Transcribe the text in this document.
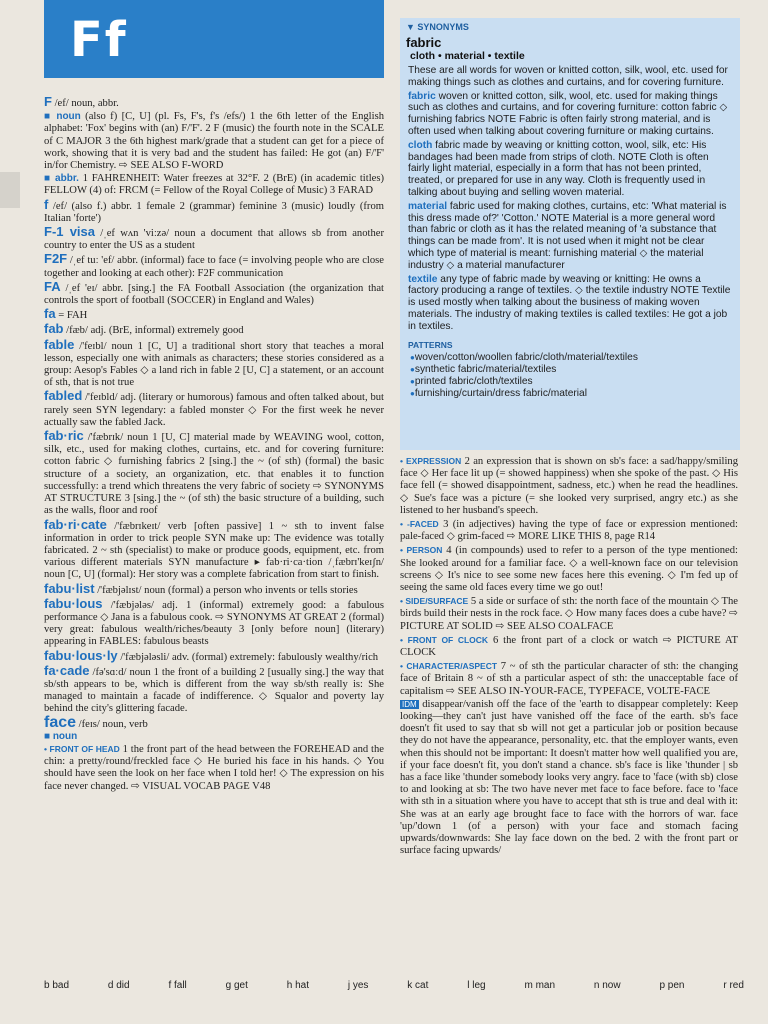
Ff
F /ef/ noun, abbr.
■ noun (also f) [C, U] (pl. Fs, F's, f's /efs/) 1 the 6th letter of the English alphabet: 'Fox' begins with (an) F/'F'. 2 F (music) the fourth note in the SCALE of C MAJOR 3 the 6th highest mark/grade that a student can get for a piece of work, showing that it is very bad and the student has failed: He got (an) F/'F' in/for Chemistry. ⇨ SEE ALSO F-WORD
■ abbr. 1 FAHRENHEIT: Water freezes at 32°F. 2 (BrE) (in academic titles) FELLOW (4) of: FRCM (= Fellow of the Royal College of Music) 3 FARAD
f /ef/ (also f.) abbr. 1 female 2 (grammar) feminine 3 (music) loudly (from Italian 'forte')
F-1 visa /ˌef wʌn 'viːzə/ noun a document that allows sb from another country to enter the US as a student
F2F /ˌef tuː 'ef/ abbr. (informal) face to face (= involving people who are close together and looking at each other): F2F communication
FA /ˌef 'eɪ/ abbr. [sing.] the FA Football Association (the organization that controls the sport of football (SOCCER) in England and Wales)
fa = FAH
fab /fæb/ adj. (BrE, informal) extremely good
fable /'feɪbl/ noun 1 [C, U] a traditional short story that teaches a moral lesson, especially one with animals as characters; these stories considered as a group: Aesop's Fables ◇ a land rich in fable 2 [U, C] a statement, or an account of sth, that is not true
fabled /'feɪbld/ adj. (literary or humorous) famous and often talked about, but rarely seen SYN legendary: a fabled monster ◇ For the first week he never actually saw the fabled Jack.
fab·ric /'fæbrɪk/ noun 1 [U, C] material made by WEAVING wool, cotton, silk, etc., used for making clothes, curtains, etc. and for covering furniture: cotton fabric ◇ furnishing fabrics 2 [sing.] the ~ (of sth) (formal) the basic structure of a society, an organization, etc. that enables it to function successfully: a trend which threatens the very fabric of society ⇨ SYNONYMS AT STRUCTURE 3 [sing.] the ~ (of sth) the basic structure of a building, such as the walls, floor and roof
fab·ri·cate /'fæbrɪkeɪt/ verb [often passive] 1 ~ sth to invent false information in order to trick people SYN make up: The evidence was totally fabricated. 2 ~ sth (specialist) to make or produce goods, equipment, etc. from various different materials SYN manufacture ▸ fab·ri·ca·tion /ˌfæbrɪ'keɪʃn/ noun [C, U] (formal): Her story was a complete fabrication from start to finish.
fabu·list /'fæbjəlɪst/ noun (formal) a person who invents or tells stories
fabu·lous /'fæbjələs/ adj. 1 (informal) extremely good: a fabulous performance ◇ Jana is a fabulous cook. ⇨ SYNONYMS AT GREAT 2 (formal) very great: fabulous wealth/riches/beauty 3 [only before noun] (literary) appearing in FABLES: fabulous beasts
fabu·lous·ly /'fæbjələsli/ adv. (formal) extremely: fabulously wealthy/rich
fa·cade /fə'sɑːd/ noun 1 the front of a building 2 [usually sing.] the way that sb/sth appears to be, which is different from the way sb/sth really is: She managed to maintain a facade of indifference. ◇ Squalor and poverty lay behind the city's glittering facade.
face /feɪs/ noun, verb
■ noun
• FRONT OF HEAD 1 the front part of the head between the FOREHEAD and the chin: a pretty/round/freckled face ◇ He buried his face in his hands. ◇ You should have seen the look on her face when I told her! ◇ The expression on his face never changed. ⇨ VISUAL VOCAB PAGE V48
▼ SYNONYMS
fabric
cloth • material • textile

These are all words for woven or knitted cotton, silk, wool, etc. used for making things such as clothes and curtains, and for covering furniture.

fabric woven or knitted cotton, silk, wool, etc. used for making things such as clothes and curtains, and for covering furniture: cotton fabric ◇ furnishing fabrics NOTE Fabric is often fairly strong material, and is often used when talking about covering furniture or making curtains.

cloth fabric made by weaving or knitting cotton, wool, silk, etc: His bandages had been made from strips of cloth. NOTE Cloth is often fairly light material, especially in a form that has not been printed, treated, or prepared for use in any way. Cloth is frequently used in talking about buying and selling woven material.

material fabric used for making clothes, curtains, etc: 'What material is this dress made of?' 'Cotton.' NOTE Material is a more general word than fabric or cloth as it has the related meaning of 'a substance that things can be made from'. It is not used when it might not be clear which type of material is meant: furnishing material ◇ the material industry ◇ a material manufacturer

textile any type of fabric made by weaving or knitting: He owns a factory producing a range of textiles. ◇ the textile industry NOTE Textile is used mostly when talking about the business of making woven materials. The industry of making textiles is called textiles: He got a job in textiles.

PATTERNS
● woven/cotton/woollen fabric/cloth/material/textiles
● synthetic fabric/material/textiles
● printed fabric/cloth/textiles
● furnishing/curtain/dress fabric/material
• EXPRESSION 2 an expression that is shown on sb's face: a sad/happy/smiling face ◇ Her face lit up (= showed happiness) when she spoke of the past. ◇ His face fell (= showed disappointment, sadness, etc.) when he read the headlines. ◇ Sue's face was a picture (= she looked very surprised, angry etc.) as she listened to her husband's speech.
• -FACED 3 (in adjectives) having the type of face or expression mentioned: pale-faced ◇ grim-faced ⇨ MORE LIKE THIS 8, page R14
• PERSON 4 (in compounds) used to refer to a person of the type mentioned: She looked around for a familiar face. ◇ a well-known face on our television screens ◇ It's nice to see some new faces here this evening. ◇ I'm fed up of seeing the same old faces every time we go out!
• SIDE/SURFACE 5 a side or surface of sth: the north face of the mountain ◇ The birds build their nests in the rock face. ◇ How many faces does a cube have? ⇨ PICTURE AT SOLID ⇨ SEE ALSO COALFACE
• FRONT OF CLOCK 6 the front part of a clock or watch ⇨ PICTURE AT CLOCK
• CHARACTER/ASPECT 7 ~ of sth the particular character of sth: the changing face of Britain 8 ~ of sth a particular aspect of sth: the unacceptable face of capitalism ⇨ SEE ALSO IN-YOUR-FACE, TYPEFACE, VOLTE-FACE
IDM disappear/vanish off the face of the 'earth to disappear completely: Keep looking—they can't just have vanished off the face of the earth. sb's face doesn't fit used to say that sb will not get a particular job or position because they do not have the appearance, personality, etc. that the employer wants, even when this should not be important: It doesn't matter how well qualified you are, if your face doesn't fit, you don't stand a chance. sb's face is like 'thunder | sb has a face like 'thunder somebody looks very angry. face to 'face (with sb) close to and looking at sb: The two have never met face to face before. face to 'face with sth in a situation where you have to accept that sth is true and deal with it: She was at an early age brought face to face with the horrors of war. face 'up/'down 1 (of a person) with your face and stomach facing upwards/downwards: She lay face down on the bed. 2 with the front part or surface facing upwards/
b bad	d did	f fall	g get	h hat	j yes	k cat	l leg	m man	n now	p pen	r red
